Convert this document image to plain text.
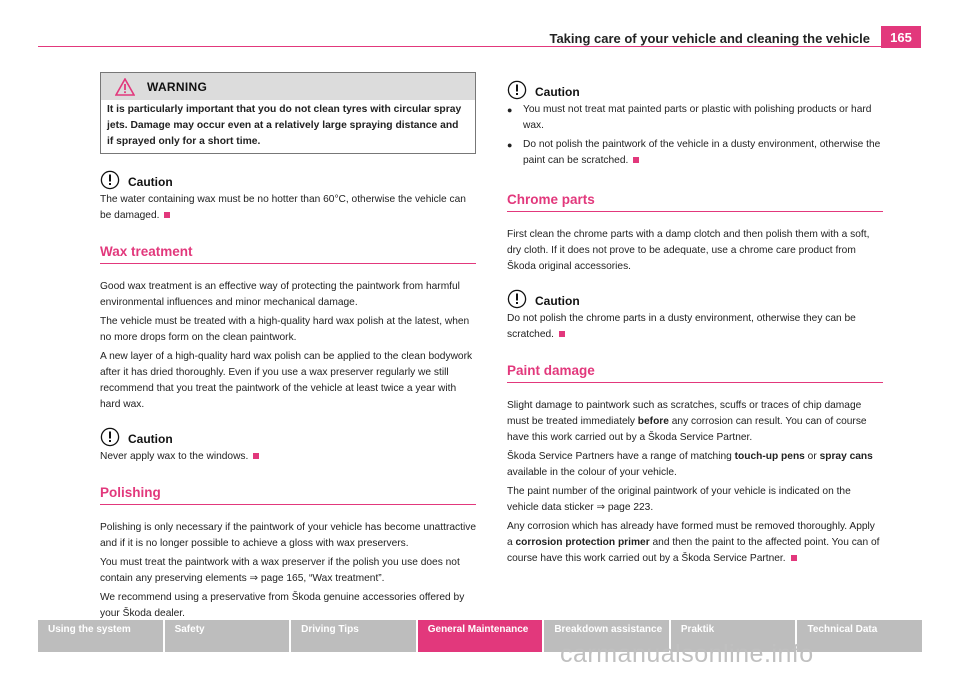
Taking care of your vehicle and cleaning the vehicle	165
WARNING
It is particularly important that you do not clean tyres with circular spray jets. Damage may occur even at a relatively large spraying distance and if sprayed only for a short time.
Caution

The water containing wax must be no hotter than 60°C, otherwise the vehicle can be damaged.

Wax treatment

Good wax treatment is an effective way of protecting the paintwork from harmful environmental influences and minor mechanical damage.

The vehicle must be treated with a high-quality hard wax polish at the latest, when no more drops form on the clean paintwork.

A new layer of a high-quality hard wax polish can be applied to the clean bodywork after it has dried thoroughly. Even if you use a wax preserver regularly we still recommend that you treat the paintwork of the vehicle at least twice a year with hard wax.

Caution

Never apply wax to the windows.

Polishing

Polishing is only necessary if the paintwork of your vehicle has become unattractive and if it is no longer possible to achieve a gloss with wax preservers.

You must treat the paintwork with a wax preserver if the polish you use does not contain any preserving elements ⇒ page 165, “Wax treatment”.

We recommend using a preservative from Škoda genuine accessories offered by your Škoda dealer.

Caution
●	You must not treat mat painted parts or plastic with polishing products or hard wax.

●	Do not polish the paintwork of the vehicle in a dusty environment, otherwise the paint can be scratched.

Chrome parts

First clean the chrome parts with a damp clotch and then polish them with a soft, dry cloth. If it does not prove to be adequate, use a chrome care product from Škoda original accessories.

Caution

Do not polish the chrome parts in a dusty environment, otherwise they can be scratched.

Paint damage

Slight damage to paintwork such as scratches, scuffs or traces of chip damage must be treated immediately before any corrosion can result. You can of course have this work carried out by a Škoda Service Partner.

Škoda Service Partners have a range of matching touch-up pens or spray cans available in the colour of your vehicle.

The paint number of the original paintwork of your vehicle is indicated on the vehicle data sticker ⇒ page 223.

Any corrosion which has already have formed must be removed thoroughly. Apply a corrosion protection primer and then the paint to the affected point. You can of course have this work carried out by a Škoda Service Partner.

Using the system	Safety	Driving Tips	General Maintenance	Breakdown assistance	Praktik	Technical Data
carmanualsonline.info
